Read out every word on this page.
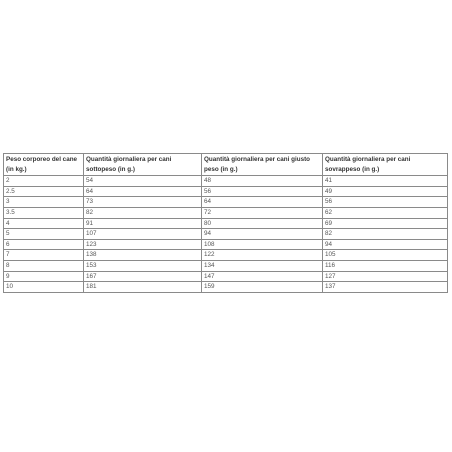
Peso corporeo del cane (in kg.)	Quantità giornaliera per cani sottopeso (in g.)	Quantità giornaliera per cani giusto peso (in g.)	Quantità giornaliera per cani sovrappeso (in g.)
2	54	48	41
2.5	64	56	49
3	73	64	56
3.5	82	72	62
4	91	80	69
5	107	94	82
6	123	108	94
7	138	122	105
8	153	134	116
9	167	147	127
10	181	159	137
